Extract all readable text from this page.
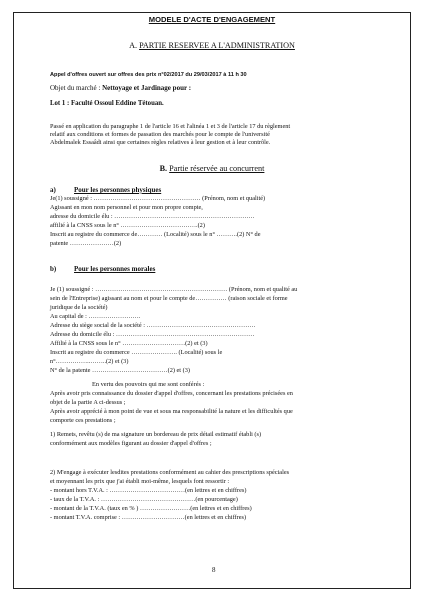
MODELE D'ACTE D'ENGAGEMENT
A. PARTIE RESERVEE A L'ADMINISTRATION
Appel d'offres ouvert sur offres des prix n°02/2017 du 29/03/2017 à 11 h 30
Objet du marché : Nettoyage et Jardinage pour :
Lot 1 : Faculté Ossoul Eddine Tétouan.
Passé en application du paragraphe 1 de l'article 16 et l'alinéa 1 et 3 de l'article 17 du règlement
relatif aux conditions et formes de passation des marchés pour le compte de l'université
Abdelmalek Essaâdi ainsi que certaines règles relatives à leur gestion et à leur contrôle.
B. Partie réservée au concurrent
a)	Pour les personnes physiques
Je(1) soussigné : …………………………………………… (Prénom, nom et qualité)
Agissant en mon nom personnel et pour mon propre compte,
adresse du domicile élu : ………………………………………………………….
affilié à la CNSS sous le n° ……………………………….(2)
Inscrit au registre du commerce de………… (Localité) sous le n° ……….(2) N° de
patente …………………(2)
b)	Pour les personnes morales
Je (1) soussigné : ……………………………………………………… (Prénom, nom et qualité au
sein de l'Entreprise) agissant au nom et pour le compte de…………… (raison sociale et forme
juridique de la société)
Au capital de : …………………….
Adresse du siège social de la société : …………………………………………….
Adresse du domicile élu : …………………………………………………………
Affilié à la CNSS sous le n° …………………………(2) et (3)
Inscrit au registre du commerce …………………. (Localité) sous le
n°……………..……..(2) et (3)
N° de la patente ………………………………(2) et (3)
En vertu des pouvoirs qui me sont conférés :
Après avoir pris connaissance du dossier d'appel d'offres, concernant les prestations précisées en
objet de la partie A ci-dessus ;
Après avoir apprécié à mon point de vue et sous ma responsabilité la nature et les difficultés que
comporte ces prestations ;
1) Remets, revêtu (s) de ma signature un bordereau de prix détail estimatif établi (s)
conformément aux modèles figurant au dossier d'appel d'offres ;
2) M'engage à exécuter lesdites prestations conformément au cahier des prescriptions spéciales
et moyennant les prix que j'ai établi moi-même, lesquels font ressortir :
- montant hors T.V.A. : ………………………………(en lettres et en chiffres)
- taux de la T.V.A. : ………………………………………(en pourcentage)
- montant de la T.V.A. (taux en % ) ……………………(en lettres et en chiffres)
- montant T.V.A. comprise : …………………………(en lettres et en chiffres)
8
